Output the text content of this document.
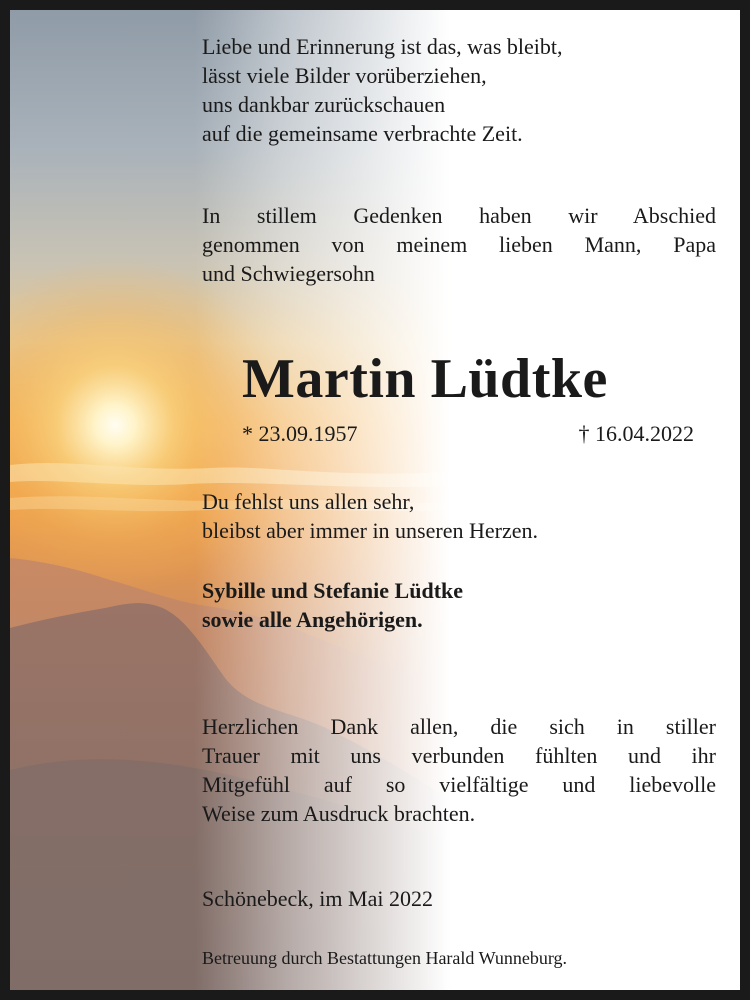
Liebe und Erinnerung ist das, was bleibt,
lässt viele Bilder vorüberziehen,
uns dankbar zurückschauen
auf die gemeinsame verbrachte Zeit.
In stillem Gedenken haben wir Abschied
genommen von meinem lieben Mann, Papa
und Schwiegersohn
Martin Lüdtke
* 23.09.1957	† 16.04.2022
Du fehlst uns allen sehr,
bleibst aber immer in unseren Herzen.
Sybille und Stefanie Lüdtke
sowie alle Angehörigen.
Herzlichen Dank allen, die sich in stiller
Trauer mit uns verbunden fühlten und ihr
Mitgefühl auf so vielfältige und liebevolle
Weise zum Ausdruck brachten.
Schönebeck, im Mai 2022
Betreuung durch Bestattungen Harald Wunneburg.
